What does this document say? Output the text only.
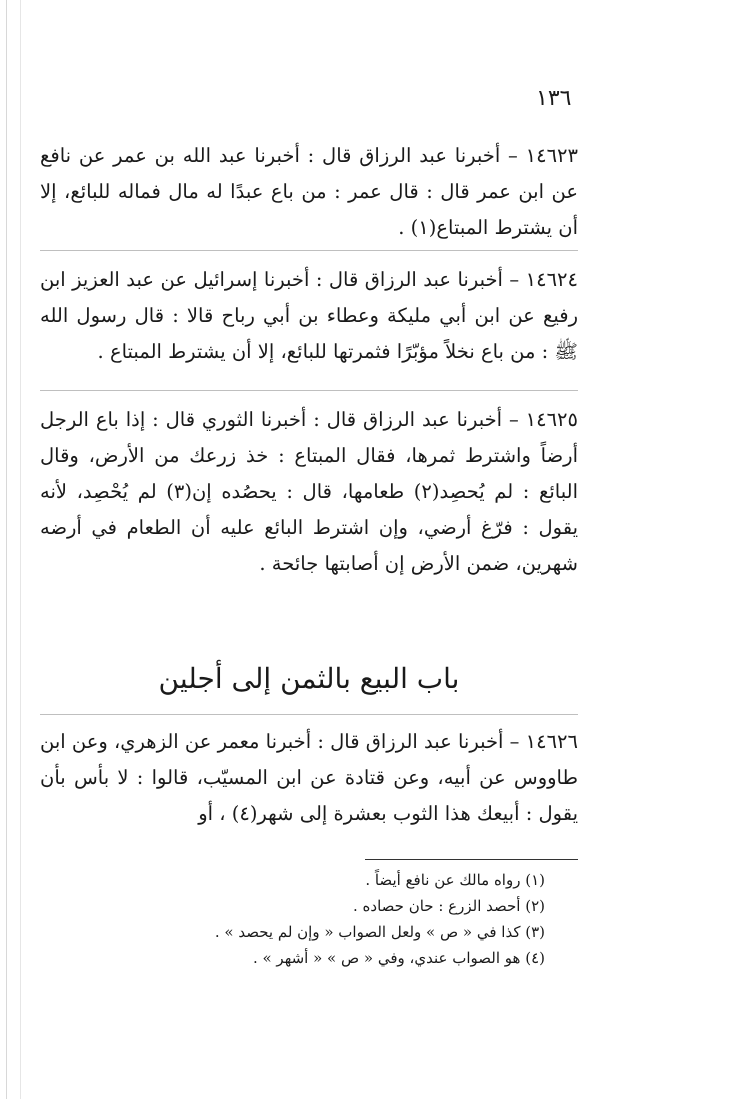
١٣٦

١٤٦٢٣ – أخبرنا عبد الرزاق قال : أخبرنا عبد الله بن عمر عن نافع عن ابن عمر قال : قال عمر : من باع عبدًا له مال فماله للبائع، إلا أن يشترط المبتاع(١) .

١٤٦٢٤ – أخبرنا عبد الرزاق قال : أخبرنا إسرائيل عن عبد العزيز ابن رفيع عن ابن أبي مليكة وعطاء بن أبي رباح قالا : قال رسول الله ﷺ : من باع نخلاً مؤبّرًا فثمرتها للبائع، إلا أن يشترط المبتاع .

١٤٦٢٥ – أخبرنا عبد الرزاق قال : أخبرنا الثوري قال : إذا باع الرجل أرضاً واشترط ثمرها، فقال المبتاع : خذ زرعك من الأرض، وقال البائع : لم يُحصِد(٢) طعامها، قال : يحصُده إن(٣) لم يُحْصِد، لأنه يقول : فرّغ أرضي، وإن اشترط البائع عليه أن الطعام في أرضه شهرين، ضمن الأرض إن أصابتها جائحة .

باب البيع بالثمن إلى أجلين

١٤٦٢٦ – أخبرنا عبد الرزاق قال : أخبرنا معمر عن الزهري، وعن ابن طاووس عن أبيه، وعن قتادة عن ابن المسيّب، قالوا : لا بأس بأن يقول : أبيعك هذا الثوب بعشرة إلى شهر(٤) ، أو

(١) رواه مالك عن نافع أيضاً .

(٢) أحصد الزرع : حان حصاده .

(٣) كذا في « ص » ولعل الصواب « وإن لم يحصد » .

(٤) هو الصواب عندي، وفي « ص » « أشهر » .
